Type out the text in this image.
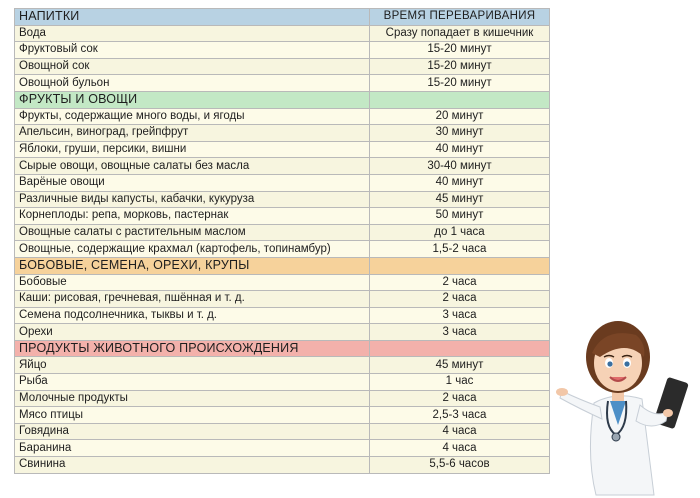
НАПИТКИ	ВРЕМЯ ПЕРЕВАРИВАНИЯ
Вода	Сразу попадает в кишечник
Фруктовый сок	15-20 минут
Овощной сок	15-20 минут
Овощной бульон	15-20 минут
ФРУКТЫ И ОВОЩИ	
Фрукты, содержащие много воды, и ягоды	20 минут
Апельсин, виноград, грейпфрут	30 минут
Яблоки, груши, персики, вишни	40 минут
Сырые овощи, овощные салаты без масла	30-40 минут
Варёные овощи	40 минут
Различные виды капусты, кабачки, кукуруза	45 минут
Корнеплоды: репа, морковь, пастернак	50 минут
Овощные салаты с растительным маслом	до 1 часа
Овощные, содержащие крахмал (картофель, топинамбур)	1,5-2 часа
БОБОВЫЕ, СЕМЕНА, ОРЕХИ, КРУПЫ	
Бобовые	2 часа
Каши: рисовая, гречневая, пшённая и т. д.	2 часа
Семена подсолнечника, тыквы и т. д.	3 часа
Орехи	3 часа
ПРОДУКТЫ ЖИВОТНОГО ПРОИСХОЖДЕНИЯ	
Яйцо	45 минут
Рыба	1 час
Молочные продукты	2 часа
Мясо птицы	2,5-3 часа
Говядина	4 часа
Баранина	4 часа
Свинина	5,5-6 часов
